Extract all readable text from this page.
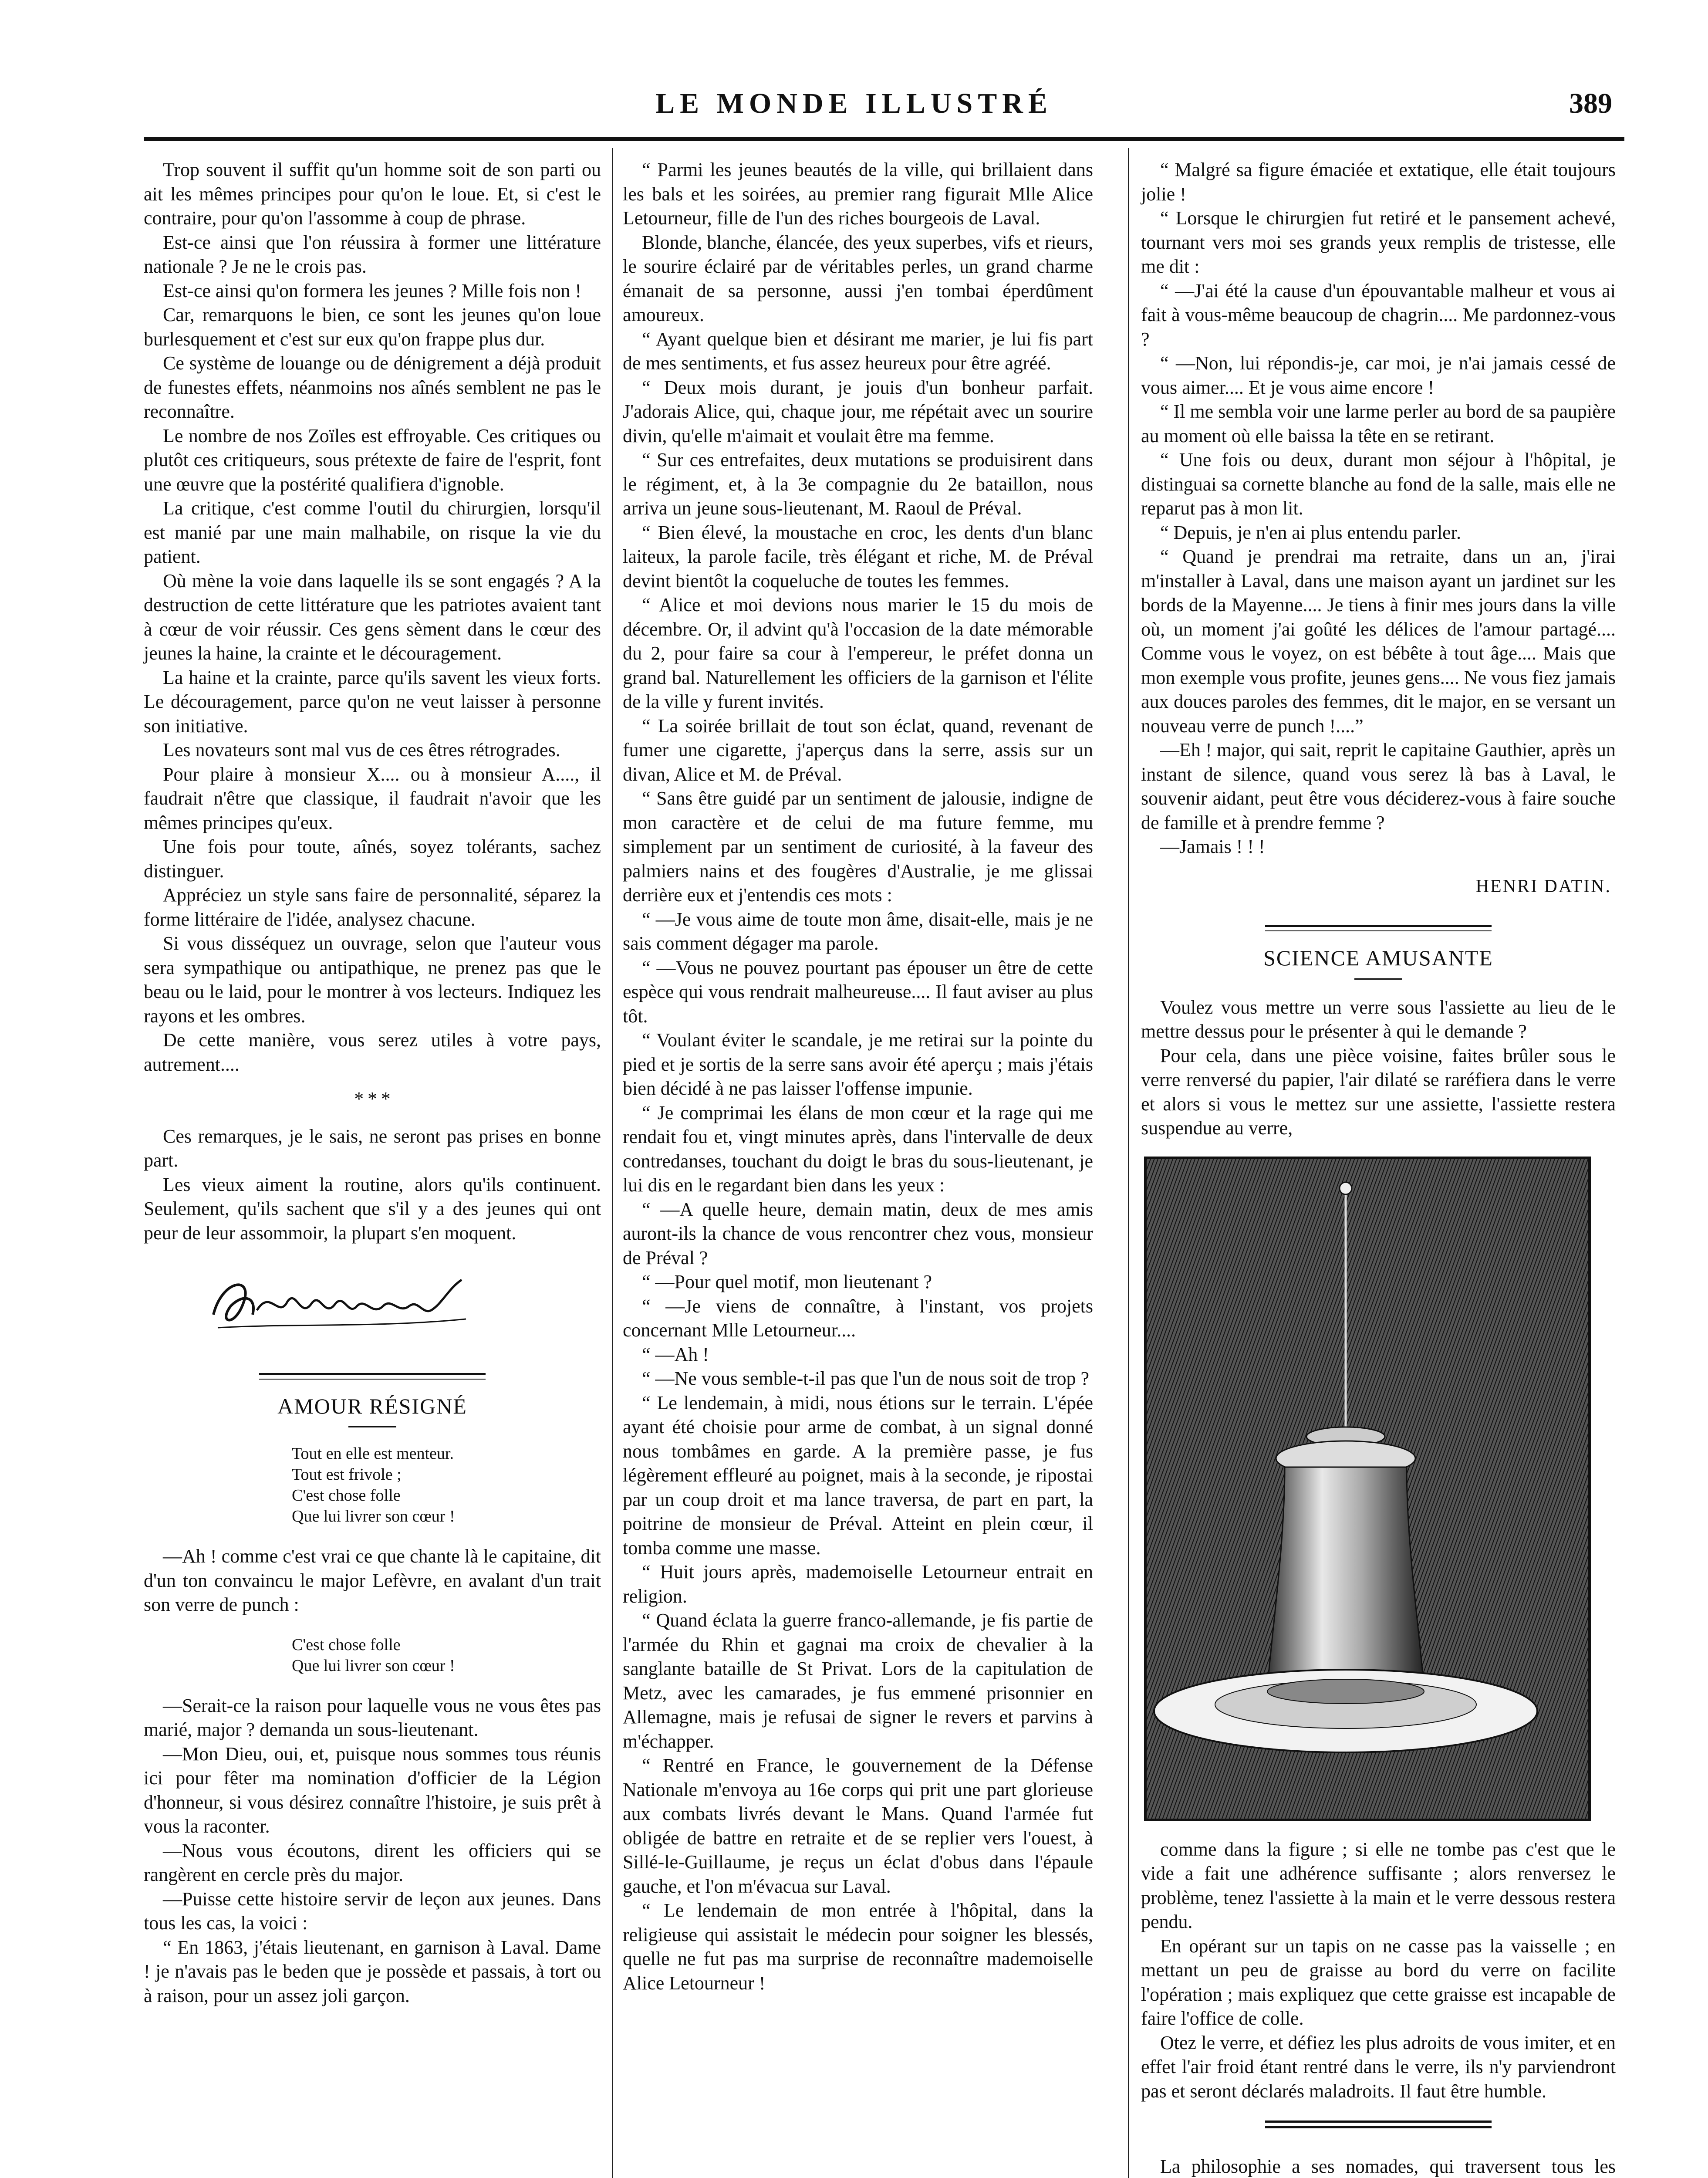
LE MONDE ILLUSTRÉ	389

Trop souvent il suffit qu'un homme soit de son parti ou ait les mêmes principes pour qu'on le loue. Et, si c'est le contraire, pour qu'on l'assomme à coup de phrase.

Est-ce ainsi que l'on réussira à former une littérature nationale ? Je ne le crois pas.

Est-ce ainsi qu'on formera les jeunes ? Mille fois non !

Car, remarquons le bien, ce sont les jeunes qu'on loue burlesquement et c'est sur eux qu'on frappe plus dur.

Ce système de louange ou de dénigrement a déjà produit de funestes effets, néanmoins nos aînés semblent ne pas le reconnaître.

Le nombre de nos Zoïles est effroyable. Ces critiques ou plutôt ces critiqueurs, sous prétexte de faire de l'esprit, font une œuvre que la postérité qualifiera d'ignoble.

La critique, c'est comme l'outil du chirurgien, lorsqu'il est manié par une main malhabile, on risque la vie du patient.

Où mène la voie dans laquelle ils se sont engagés ? A la destruction de cette littérature que les patriotes avaient tant à cœur de voir réussir. Ces gens sèment dans le cœur des jeunes la haine, la crainte et le découragement.

La haine et la crainte, parce qu'ils savent les vieux forts. Le découragement, parce qu'on ne veut laisser à personne son initiative.

Les novateurs sont mal vus de ces êtres rétrogrades.

Pour plaire à monsieur X.... ou à monsieur A...., il faudrait n'être que classique, il faudrait n'avoir que les mêmes principes qu'eux.

Une fois pour toute, aînés, soyez tolérants, sachez distinguer.

Appréciez un style sans faire de personnalité, séparez la forme littéraire de l'idée, analysez chacune.

Si vous disséquez un ouvrage, selon que l'auteur vous sera sympathique ou antipathique, ne prenez pas que le beau ou le laid, pour le montrer à vos lecteurs. Indiquez les rayons et les ombres.

De cette manière, vous serez utiles à votre pays, autrement....

* * *

Ces remarques, je le sais, ne seront pas prises en bonne part.

Les vieux aiment la routine, alors qu'ils continuent. Seulement, qu'ils sachent que s'il y a des jeunes qui ont peur de leur assommoir, la plupart s'en moquent.

AMOUR RÉSIGNÉ
Tout en elle est menteur.
Tout est frivole ;
C'est chose folle
Que lui livrer son cœur !

—Ah ! comme c'est vrai ce que chante là le capitaine, dit d'un ton convaincu le major Lefèvre, en avalant d'un trait son verre de punch :

C'est chose folle
Que lui livrer son cœur !

—Serait-ce la raison pour laquelle vous ne vous êtes pas marié, major ? demanda un sous-lieutenant.

—Mon Dieu, oui, et, puisque nous sommes tous réunis ici pour fêter ma nomination d'officier de la Légion d'honneur, si vous désirez connaître l'histoire, je suis prêt à vous la raconter.

—Nous vous écoutons, dirent les officiers qui se rangèrent en cercle près du major.

—Puisse cette histoire servir de leçon aux jeunes. Dans tous les cas, la voici :

“ En 1863, j'étais lieutenant, en garnison à Laval. Dame ! je n'avais pas le beden que je possède et passais, à tort ou à raison, pour un assez joli garçon.

“ Parmi les jeunes beautés de la ville, qui brillaient dans les bals et les soirées, au premier rang figurait Mlle Alice Letourneur, fille de l'un des riches bourgeois de Laval.

Blonde, blanche, élancée, des yeux superbes, vifs et rieurs, le sourire éclairé par de véritables perles, un grand charme émanait de sa personne, aussi j'en tombai éperdûment amoureux.

“ Ayant quelque bien et désirant me marier, je lui fis part de mes sentiments, et fus assez heureux pour être agréé.

“ Deux mois durant, je jouis d'un bonheur parfait. J'adorais Alice, qui, chaque jour, me répétait avec un sourire divin, qu'elle m'aimait et voulait être ma femme.

“ Sur ces entrefaites, deux mutations se produisirent dans le régiment, et, à la 3e compagnie du 2e bataillon, nous arriva un jeune sous-lieutenant, M. Raoul de Préval.

“ Bien élevé, la moustache en croc, les dents d'un blanc laiteux, la parole facile, très élégant et riche, M. de Préval devint bientôt la coqueluche de toutes les femmes.

“ Alice et moi devions nous marier le 15 du mois de décembre. Or, il advint qu'à l'occasion de la date mémorable du 2, pour faire sa cour à l'empereur, le préfet donna un grand bal. Naturellement les officiers de la garnison et l'élite de la ville y furent invités.

“ La soirée brillait de tout son éclat, quand, revenant de fumer une cigarette, j'aperçus dans la serre, assis sur un divan, Alice et M. de Préval.

“ Sans être guidé par un sentiment de jalousie, indigne de mon caractère et de celui de ma future femme, mu simplement par un sentiment de curiosité, à la faveur des palmiers nains et des fougères d'Australie, je me glissai derrière eux et j'entendis ces mots :

“ —Je vous aime de toute mon âme, disait-elle, mais je ne sais comment dégager ma parole.

“ —Vous ne pouvez pourtant pas épouser un être de cette espèce qui vous rendrait malheureuse.... Il faut aviser au plus tôt.

“ Voulant éviter le scandale, je me retirai sur la pointe du pied et je sortis de la serre sans avoir été aperçu ; mais j'étais bien décidé à ne pas laisser l'offense impunie.

“ Je comprimai les élans de mon cœur et la rage qui me rendait fou et, vingt minutes après, dans l'intervalle de deux contredanses, touchant du doigt le bras du sous-lieutenant, je lui dis en le regardant bien dans les yeux :

“ —A quelle heure, demain matin, deux de mes amis auront-ils la chance de vous rencontrer chez vous, monsieur de Préval ?

“ —Pour quel motif, mon lieutenant ?

“ —Je viens de connaître, à l'instant, vos projets concernant Mlle Letourneur....

“ —Ah !

“ —Ne vous semble-t-il pas que l'un de nous soit de trop ?

“ Le lendemain, à midi, nous étions sur le terrain. L'épée ayant été choisie pour arme de combat, à un signal donné nous tombâmes en garde. A la première passe, je fus légèrement effleuré au poignet, mais à la seconde, je ripostai par un coup droit et ma lance traversa, de part en part, la poitrine de monsieur de Préval. Atteint en plein cœur, il tomba comme une masse.

“ Huit jours après, mademoiselle Letourneur entrait en religion.

“ Quand éclata la guerre franco-allemande, je fis partie de l'armée du Rhin et gagnai ma croix de chevalier à la sanglante bataille de St Privat. Lors de la capitulation de Metz, avec les camarades, je fus emmené prisonnier en Allemagne, mais je refusai de signer le revers et parvins à m'échapper.

“ Rentré en France, le gouvernement de la Défense Nationale m'envoya au 16e corps qui prit une part glorieuse aux combats livrés devant le Mans. Quand l'armée fut obligée de battre en retraite et de se replier vers l'ouest, à Sillé-le-Guillaume, je reçus un éclat d'obus dans l'épaule gauche, et l'on m'évacua sur Laval.

“ Le lendemain de mon entrée à l'hôpital, dans la religieuse qui assistait le médecin pour soigner les blessés, quelle ne fut pas ma surprise de reconnaître mademoiselle Alice Letourneur !

“ Malgré sa figure émaciée et extatique, elle était toujours jolie !

“ Lorsque le chirurgien fut retiré et le pansement achevé, tournant vers moi ses grands yeux remplis de tristesse, elle me dit :

“ —J'ai été la cause d'un épouvantable malheur et vous ai fait à vous-même beaucoup de chagrin.... Me pardonnez-vous ?

“ —Non, lui répondis-je, car moi, je n'ai jamais cessé de vous aimer.... Et je vous aime encore !

“ Il me sembla voir une larme perler au bord de sa paupière au moment où elle baissa la tête en se retirant.

“ Une fois ou deux, durant mon séjour à l'hôpital, je distinguai sa cornette blanche au fond de la salle, mais elle ne reparut pas à mon lit.

“ Depuis, je n'en ai plus entendu parler.

“ Quand je prendrai ma retraite, dans un an, j'irai m'installer à Laval, dans une maison ayant un jardinet sur les bords de la Mayenne.... Je tiens à finir mes jours dans la ville où, un moment j'ai goûté les délices de l'amour partagé.... Comme vous le voyez, on est bébête à tout âge.... Mais que mon exemple vous profite, jeunes gens.... Ne vous fiez jamais aux douces paroles des femmes, dit le major, en se versant un nouveau verre de punch !....”

—Eh ! major, qui sait, reprit le capitaine Gauthier, après un instant de silence, quand vous serez là bas à Laval, le souvenir aidant, peut être vous déciderez-vous à faire souche de famille et à prendre femme ?

—Jamais ! ! !

HENRI DATIN.
SCIENCE AMUSANTE

Voulez vous mettre un verre sous l'assiette au lieu de le mettre dessus pour le présenter à qui le demande ?

Pour cela, dans une pièce voisine, faites brûler sous le verre renversé du papier, l'air dilaté se raréfiera dans le verre et alors si vous le mettez sur une assiette, l'assiette restera suspendue au verre,

comme dans la figure ; si elle ne tombe pas c'est que le vide a fait une adhérence suffisante ; alors renversez le problème, tenez l'assiette à la main et le verre dessous restera pendu.

En opérant sur un tapis on ne casse pas la vaisselle ; en mettant un peu de graisse au bord du verre on facilite l'opération ; mais expliquez que cette graisse est incapable de faire l'office de colle.

Otez le verre, et défiez les plus adroits de vous imiter, et en effet l'air froid étant rentré dans le verre, ils n'y parviendront pas et seront déclarés maladroits. Il faut être humble.

La philosophie a ses nomades, qui traversent tous les
